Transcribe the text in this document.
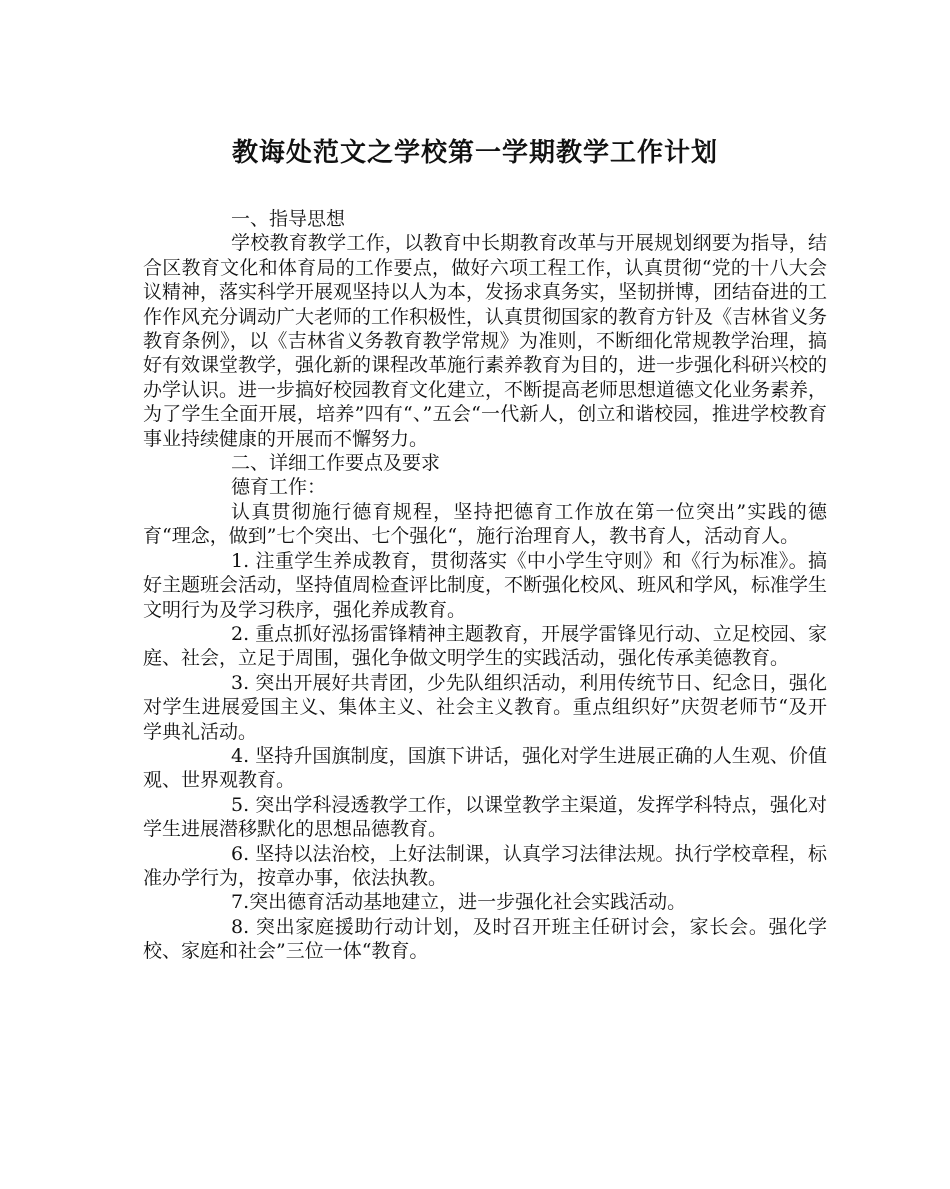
教诲处范文之学校第一学期教学工作计划

一、指导思想

学校教育教学工作，以教育中长期教育改革与开展规划纲要为指导，结合区教育文化和体育局的工作要点，做好六项工程工作，认真贯彻“党的十八大会议精神，落实科学开展观坚持以人为本，发扬求真务实，坚韧拼博，团结奋进的工作作风充分调动广大老师的工作积极性，认真贯彻国家的教育方针及《吉林省义务教育条例》，以《吉林省义务教育教学常规》为准则，不断细化常规教学治理，搞好有效课堂教学，强化新的课程改革施行素养教育为目的，进一步强化科研兴校的办学认识。进一步搞好校园教育文化建立，不断提高老师思想道德文化业务素养，为了学生全面开展，培养”四有“、”五会“一代新人，创立和谐校园，推进学校教育事业持续健康的开展而不懈努力。

二、详细工作要点及要求

德育工作：

认真贯彻施行德育规程，坚持把德育工作放在第一位突出”实践的德育“理念，做到”七个突出、七个强化“，施行治理育人，教书育人，活动育人。

1. 注重学生养成教育，贯彻落实《中小学生守则》和《行为标准》。搞好主题班会活动，坚持值周检查评比制度，不断强化校风、班风和学风，标准学生文明行为及学习秩序，强化养成教育。

2. 重点抓好泓扬雷锋精神主题教育，开展学雷锋见行动、立足校园、家庭、社会，立足于周围，强化争做文明学生的实践活动，强化传承美德教育。

3. 突出开展好共青团，少先队组织活动，利用传统节日、纪念日，强化对学生进展爱国主义、集体主义、社会主义教育。重点组织好”庆贺老师节“及开学典礼活动。

4. 坚持升国旗制度，国旗下讲话，强化对学生进展正确的人生观、价值观、世界观教育。

5. 突出学科浸透教学工作，以课堂教学主渠道，发挥学科特点，强化对学生进展潜移默化的思想品德教育。

6. 坚持以法治校，上好法制课，认真学习法律法规。执行学校章程，标准办学行为，按章办事，依法执教。

7.突出德育活动基地建立，进一步强化社会实践活动。

8. 突出家庭援助行动计划，及时召开班主任研讨会，家长会。强化学校、家庭和社会”三位一体“教育。
